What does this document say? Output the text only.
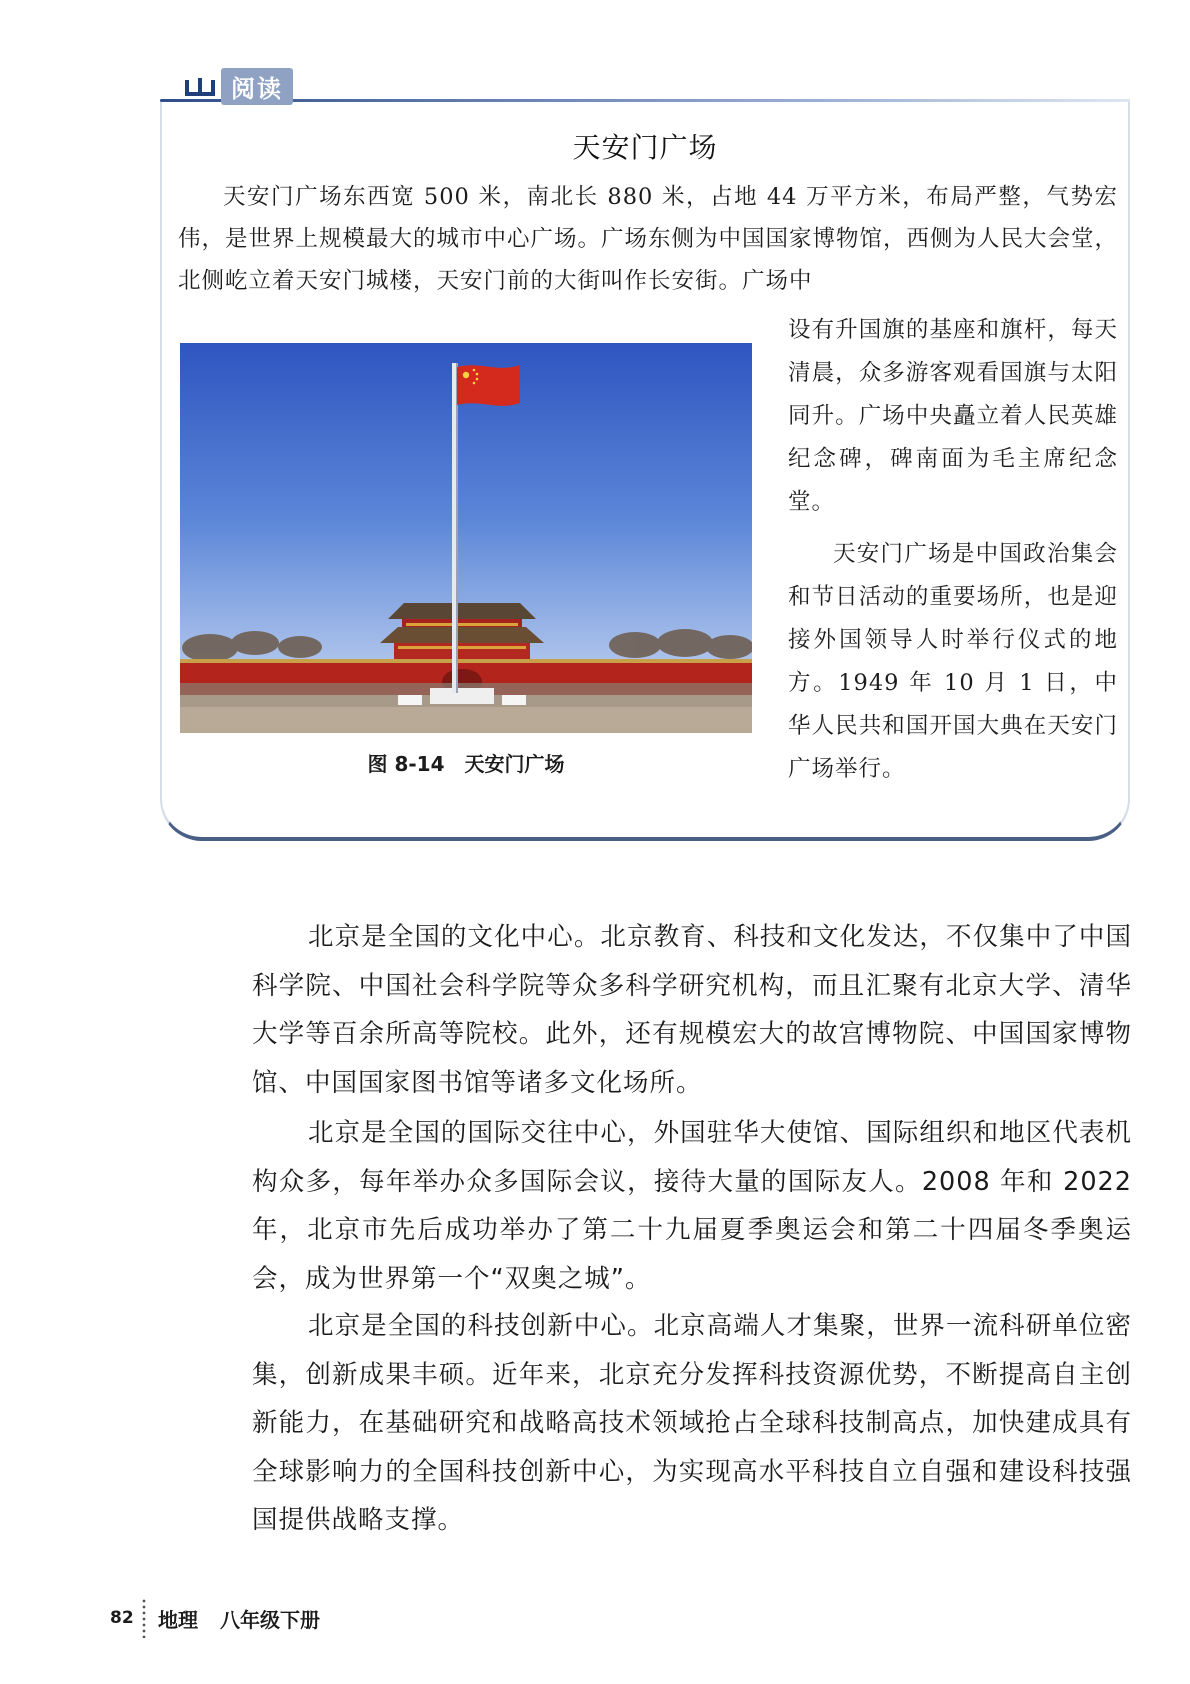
阅读
天安门广场

天安门广场东西宽 500 米，南北长 880 米，占地 44 万平方米，布局严整，气势宏伟，是世界上规模最大的城市中心广场。广场东侧为中国国家博物馆，西侧为人民大会堂，北侧屹立着天安门城楼，天安门前的大街叫作长安街。广场中

图 8-14 天安门广场

设有升国旗的基座和旗杆，每天清晨，众多游客观看国旗与太阳同升。广场中央矗立着人民英雄纪念碑，碑南面为毛主席纪念堂。

天安门广场是中国政治集会和节日活动的重要场所，也是迎接外国领导人时举行仪式的地方。1949 年 10 月 1 日，中华人民共和国开国大典在天安门广场举行。

北京是全国的文化中心。北京教育、科技和文化发达，不仅集中了中国科学院、中国社会科学院等众多科学研究机构，而且汇聚有北京大学、清华大学等百余所高等院校。此外，还有规模宏大的故宫博物院、中国国家博物馆、中国国家图书馆等诸多文化场所。

北京是全国的国际交往中心，外国驻华大使馆、国际组织和地区代表机构众多，每年举办众多国际会议，接待大量的国际友人。2008 年和 2022 年，北京市先后成功举办了第二十九届夏季奥运会和第二十四届冬季奥运会，成为世界第一个“双奥之城”。

北京是全国的科技创新中心。北京高端人才集聚，世界一流科研单位密集，创新成果丰硕。近年来，北京充分发挥科技资源优势，不断提高自主创新能力，在基础研究和战略高技术领域抢占全球科技制高点，加快建成具有全球影响力的全国科技创新中心，为实现高水平科技自立自强和建设科技强国提供战略支撑。

82 地理 八年级下册
